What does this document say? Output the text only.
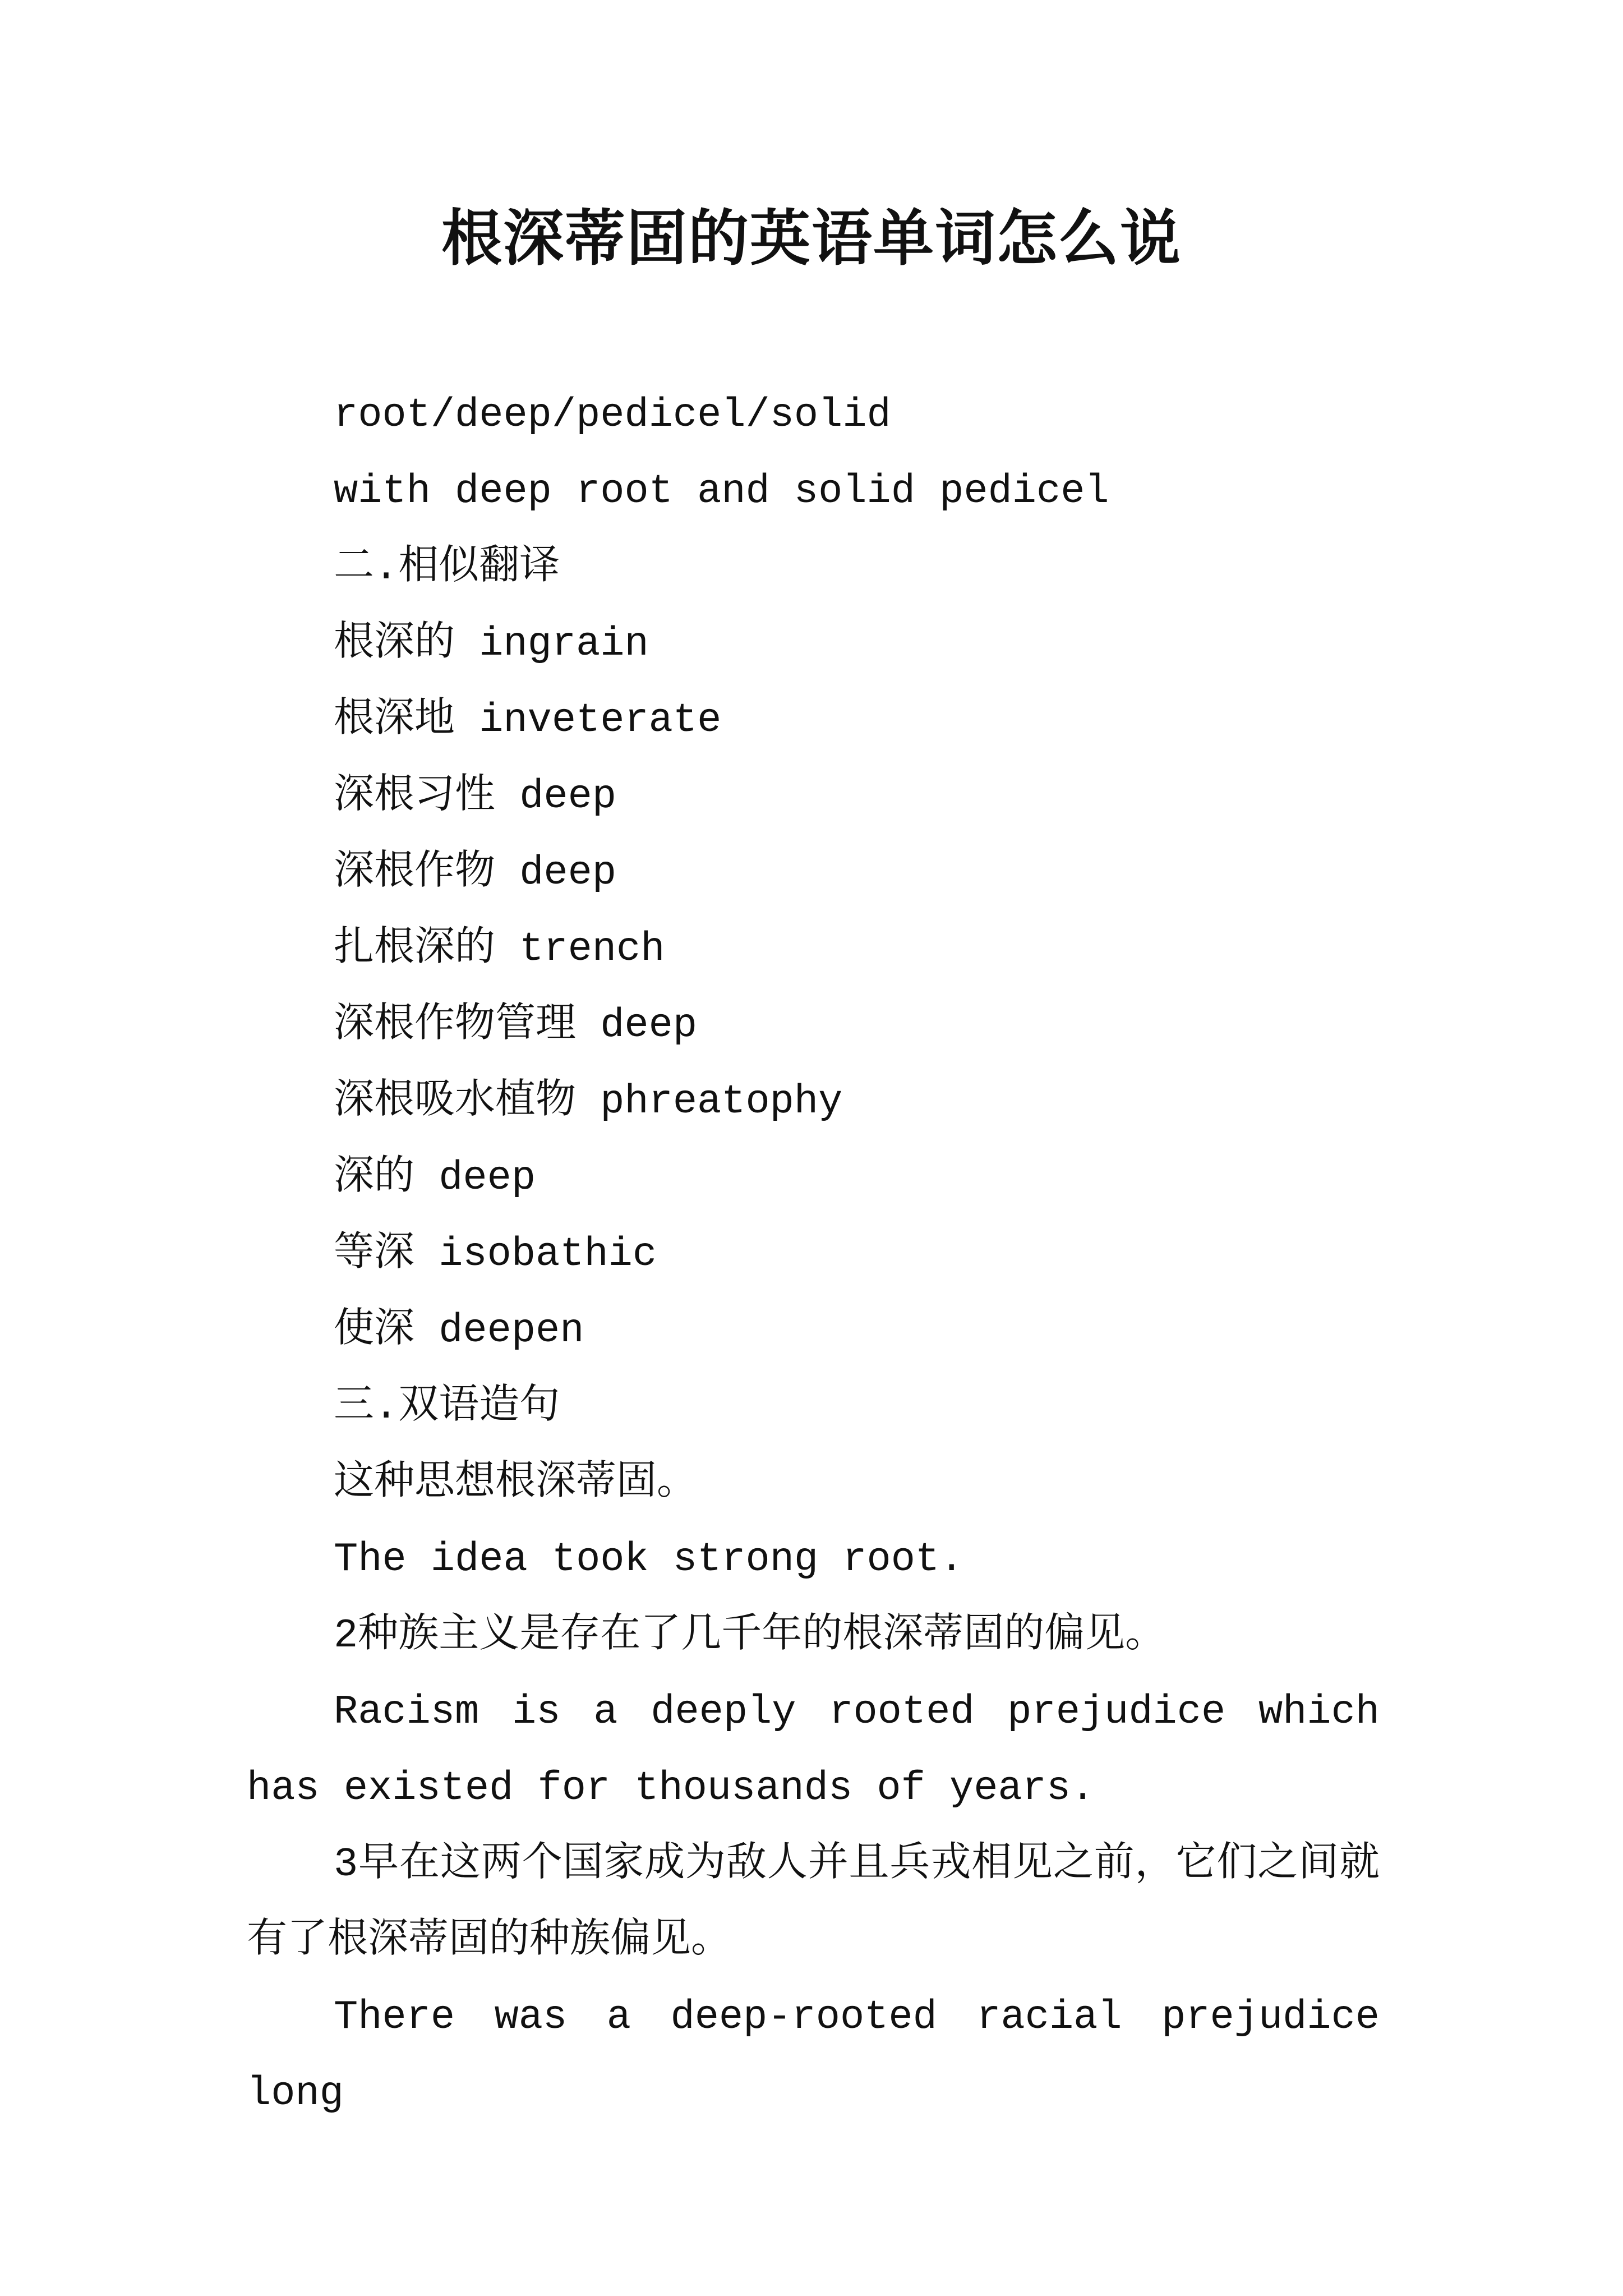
根深蒂固的英语单词怎么说
root/deep/pedicel/solid
with deep root and solid pedicel
二.相似翻译
根深的 ingrain
根深地 inveterate
深根习性 deep
深根作物 deep
扎根深的 trench
深根作物管理 deep
深根吸水植物 phreatophy
深的 deep
等深 isobathic
使深 deepen
三.双语造句
这种思想根深蒂固。
The idea took strong root.
2种族主义是存在了几千年的根深蒂固的偏见。

Racism is a deeply rooted prejudice which has existed for thousands of years.

3早在这两个国家成为敌人并且兵戎相见之前，它们之间就有了根深蒂固的种族偏见。

There was a deep-rooted racial prejudice long
